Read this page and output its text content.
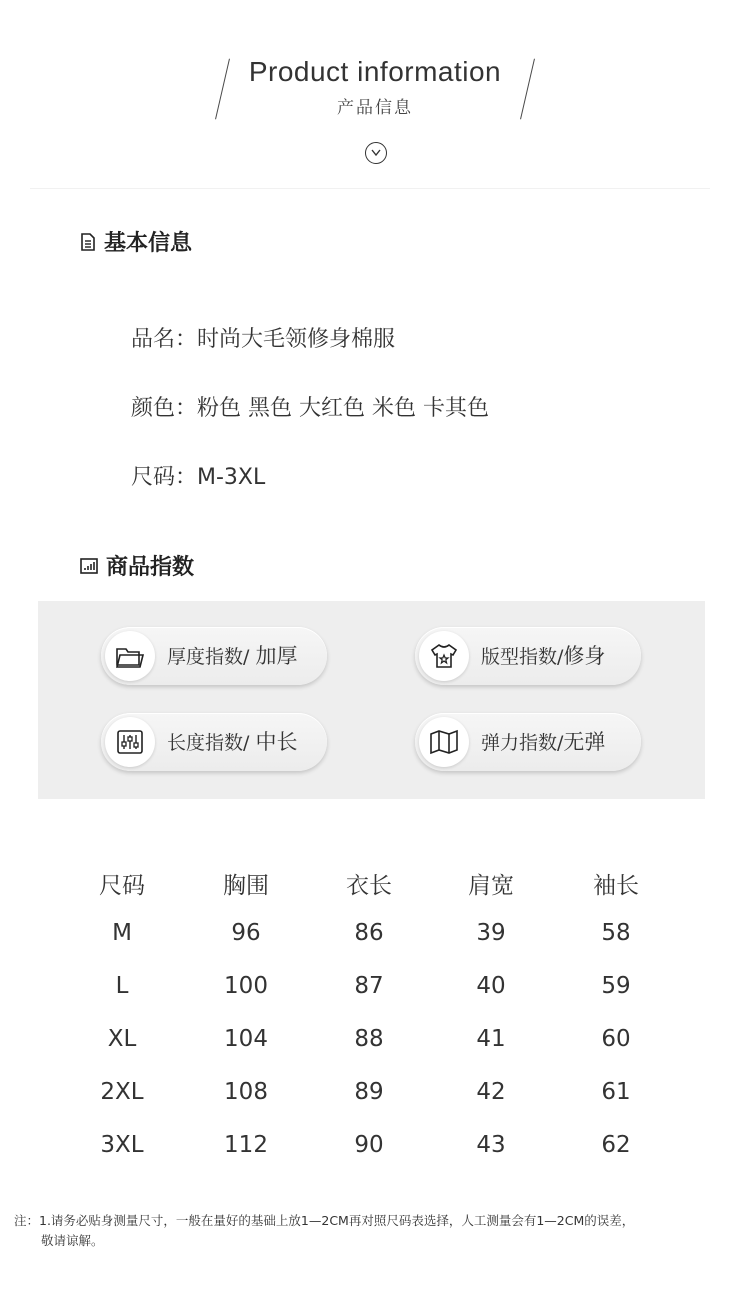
Product information
产品信息
基本信息
品名：时尚大毛领修身棉服
颜色：粉色 黑色 大红色 米色 卡其色
尺码：M-3XL
商品指数
厚度指数/ 加厚	版型指数/修身
长度指数/ 中长	弹力指数/无弹
尺码	胸围	衣长	肩宽	袖长
M	96	86	39	58
L	100	87	40	59
XL	104	88	41	60
2XL	108	89	42	61
3XL	112	90	43	62
注：1.请务必贴身测量尺寸，一般在量好的基础上放1—2CM再对照尺码表选择，人工测量会有1—2CM的误差，
敬请谅解。
